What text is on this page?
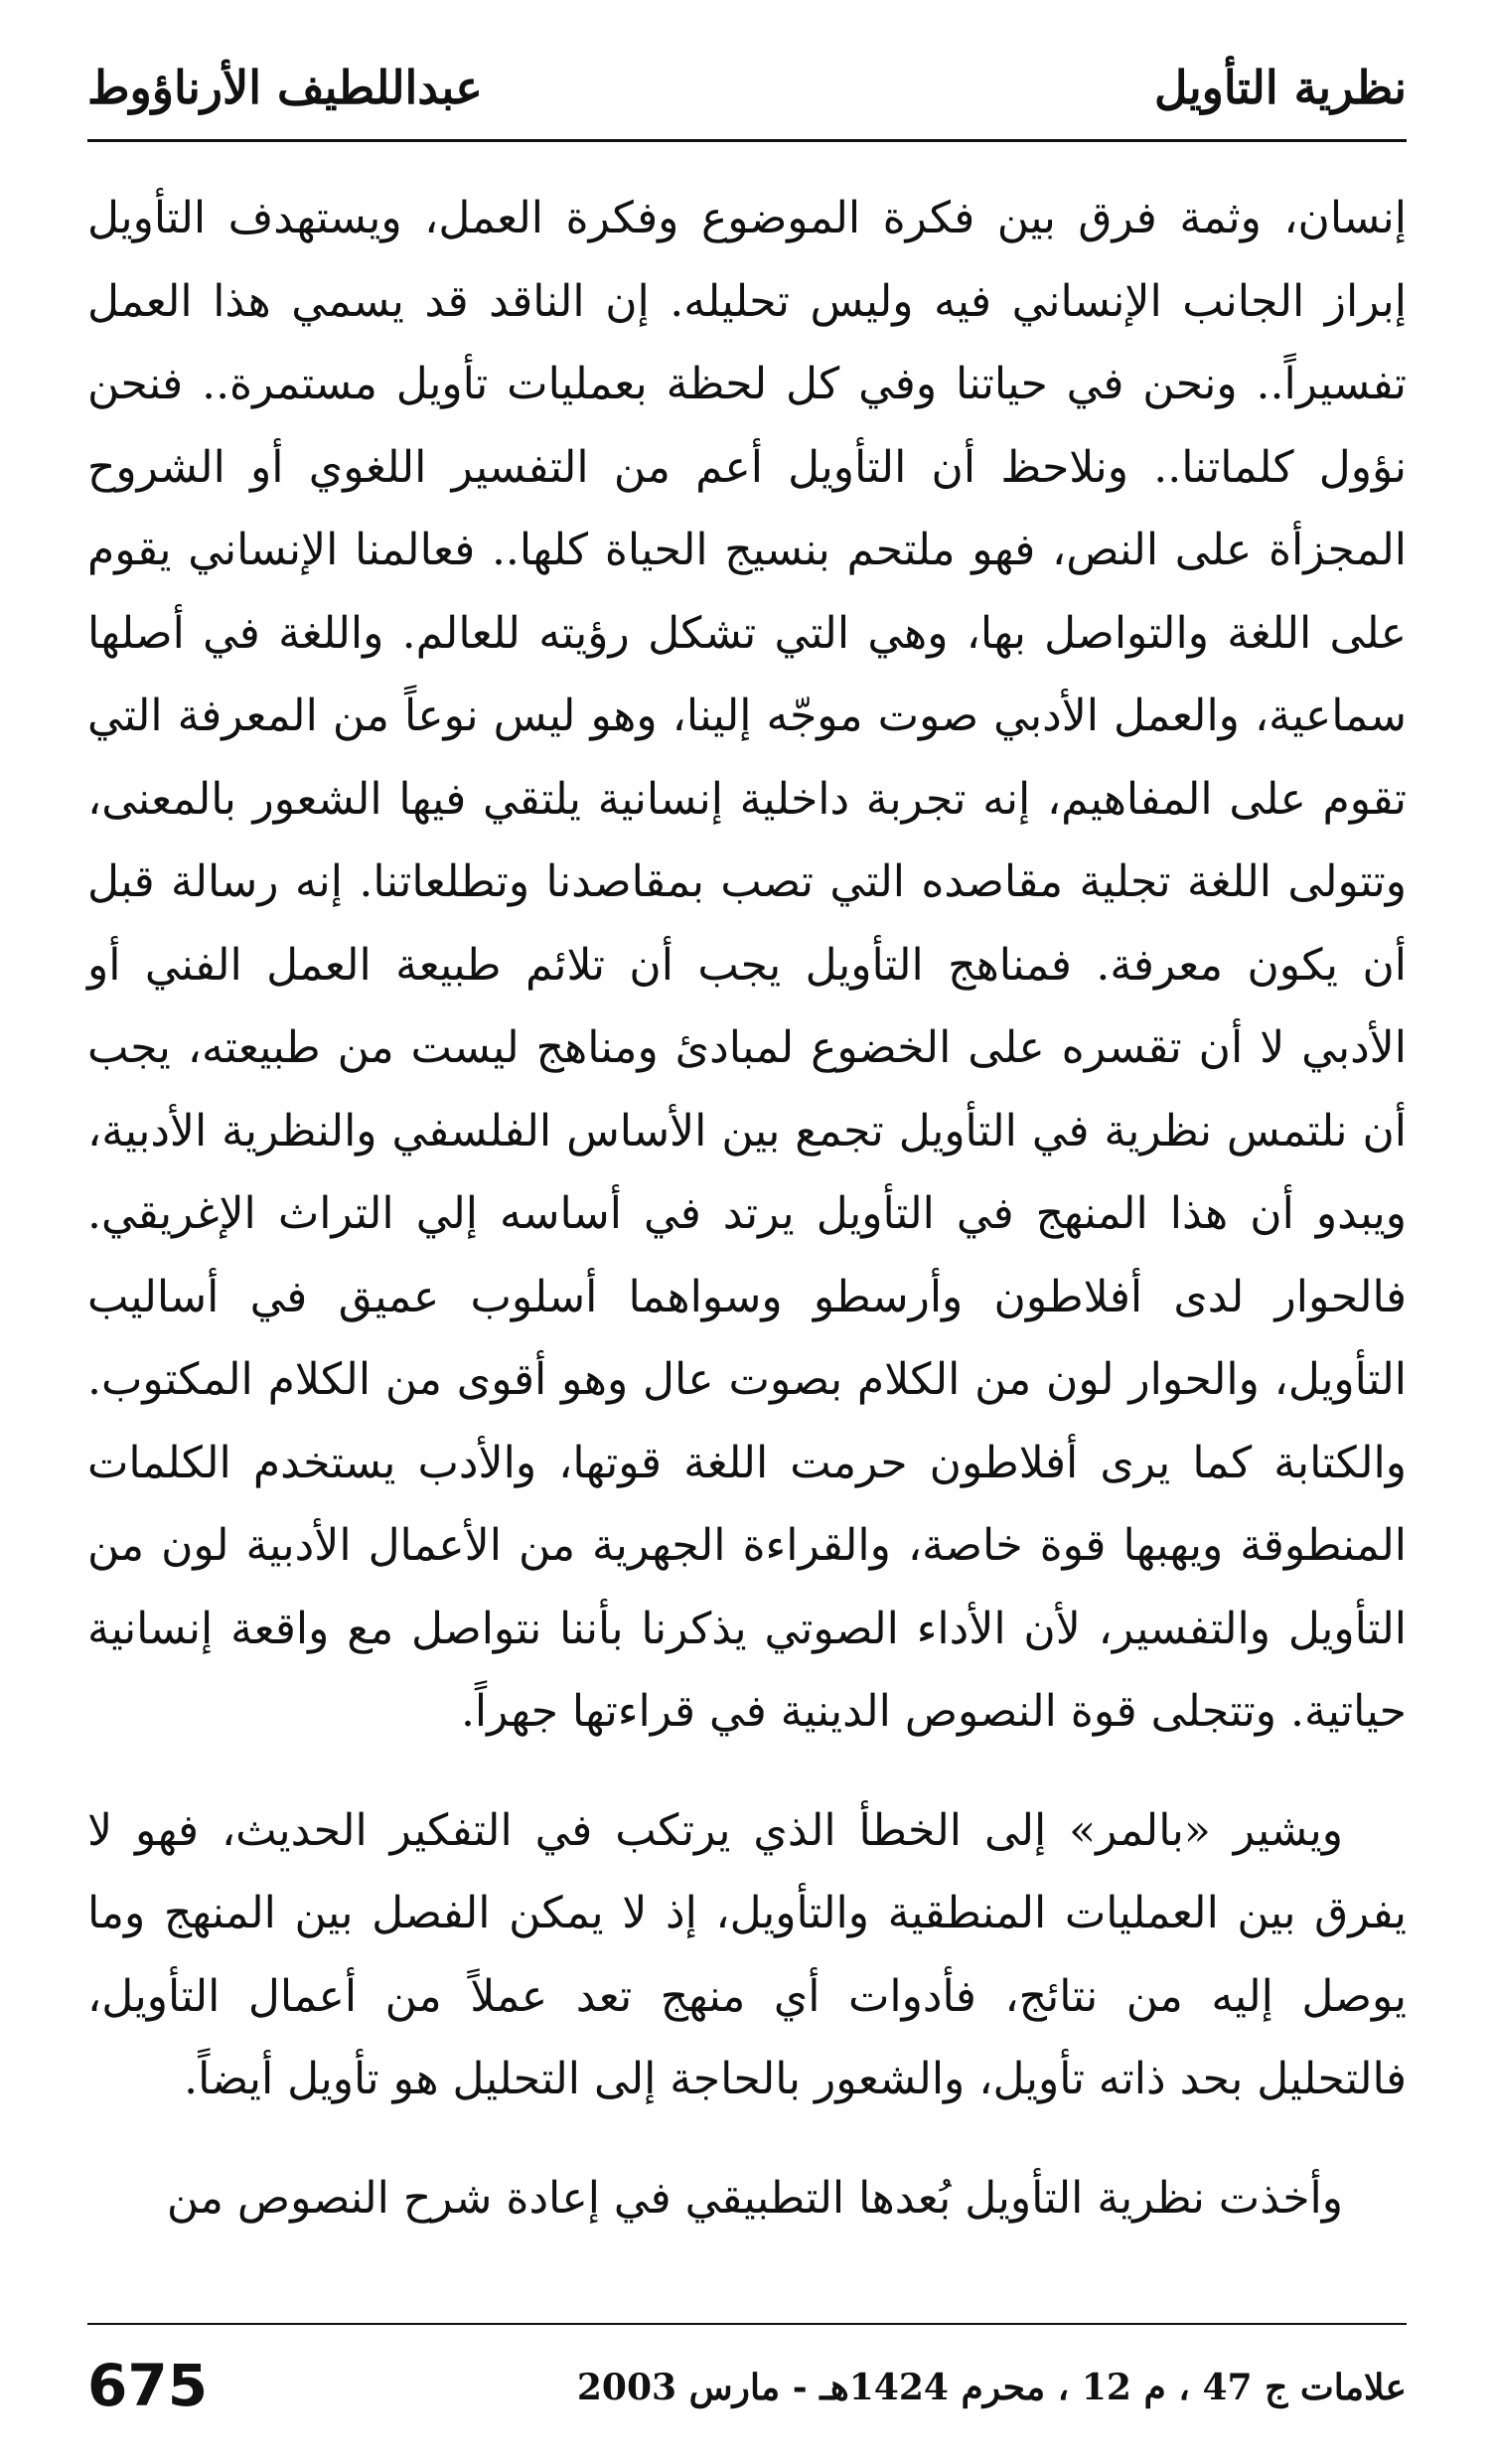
نظرية التأويل
عبداللطيف الأرناؤوط

إنسان، وثمة فرق بين فكرة الموضوع وفكرة العمل، ويستهدف التأويل إبراز الجانب الإنساني فيه وليس تحليله. إن الناقد قد يسمي هذا العمل تفسيراً.. ونحن في حياتنا وفي كل لحظة بعمليات تأويل مستمرة.. فنحن نؤول كلماتنا.. ونلاحظ أن التأويل أعم من التفسير اللغوي أو الشروح المجزأة على النص، فهو ملتحم بنسيج الحياة كلها.. فعالمنا الإنساني يقوم على اللغة والتواصل بها، وهي التي تشكل رؤيته للعالم. واللغة في أصلها سماعية، والعمل الأدبي صوت موجّه إلينا، وهو ليس نوعاً من المعرفة التي تقوم على المفاهيم، إنه تجربة داخلية إنسانية يلتقي فيها الشعور بالمعنى، وتتولى اللغة تجلية مقاصده التي تصب بمقاصدنا وتطلعاتنا. إنه رسالة قبل أن يكون معرفة. فمناهج التأويل يجب أن تلائم طبيعة العمل الفني أو الأدبي لا أن تقسره على الخضوع لمبادئ ومناهج ليست من طبيعته، يجب أن نلتمس نظرية في التأويل تجمع بين الأساس الفلسفي والنظرية الأدبية، ويبدو أن هذا المنهج في التأويل يرتد في أساسه إلي التراث الإغريقي. فالحوار لدى أفلاطون وأرسطو وسواهما أسلوب عميق في أساليب التأويل، والحوار لون من الكلام بصوت عال وهو أقوى من الكلام المكتوب. والكتابة كما يرى أفلاطون حرمت اللغة قوتها، والأدب يستخدم الكلمات المنطوقة ويهبها قوة خاصة، والقراءة الجهرية من الأعمال الأدبية لون من التأويل والتفسير، لأن الأداء الصوتي يذكرنا بأننا نتواصل مع واقعة إنسانية حياتية. وتتجلى قوة النصوص الدينية في قراءتها جهراً.

ويشير «بالمر» إلى الخطأ الذي يرتكب في التفكير الحديث، فهو لا يفرق بين العمليات المنطقية والتأويل، إذ لا يمكن الفصل بين المنهج وما يوصل إليه من نتائج، فأدوات أي منهج تعد عملاً من أعمال التأويل، فالتحليل بحد ذاته تأويل، والشعور بالحاجة إلى التحليل هو تأويل أيضاً.

وأخذت نظرية التأويل بُعدها التطبيقي في إعادة شرح النصوص من

675	علامات ج 47 ، م 12 ، محرم 1424هـ - مارس 2003
